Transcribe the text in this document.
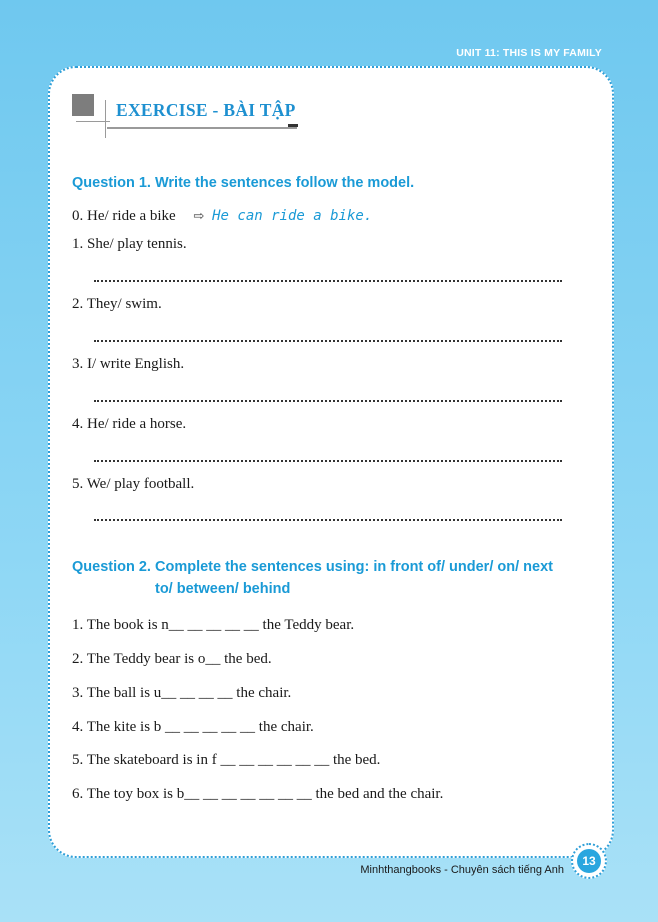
UNIT 11: THIS IS MY FAMILY
EXERCISE - BÀI TẬP
Question 1. Write the sentences follow the model.
0. He/ ride a bike ⇨ He can ride a bike.
1. She/ play tennis.
2. They/ swim.
3. I/ write English.
4. He/ ride a horse.
5. We/ play football.
Question 2. Complete the sentences using: in front of/ under/ on/ next
to/ between/ behind
1. The book is n__ __ __ __ __ the Teddy bear.
2. The Teddy bear is o__ the bed.
3. The ball is u__ __ __ __ the chair.
4. The kite is b __ __ __ __ __ the chair.
5. The skateboard is in f __ __ __ __ __ __ the bed.
6. The toy box is b__ __ __ __ __ __ __ the bed and the chair.
Minhthangbooks - Chuyên sách tiếng Anh
13
